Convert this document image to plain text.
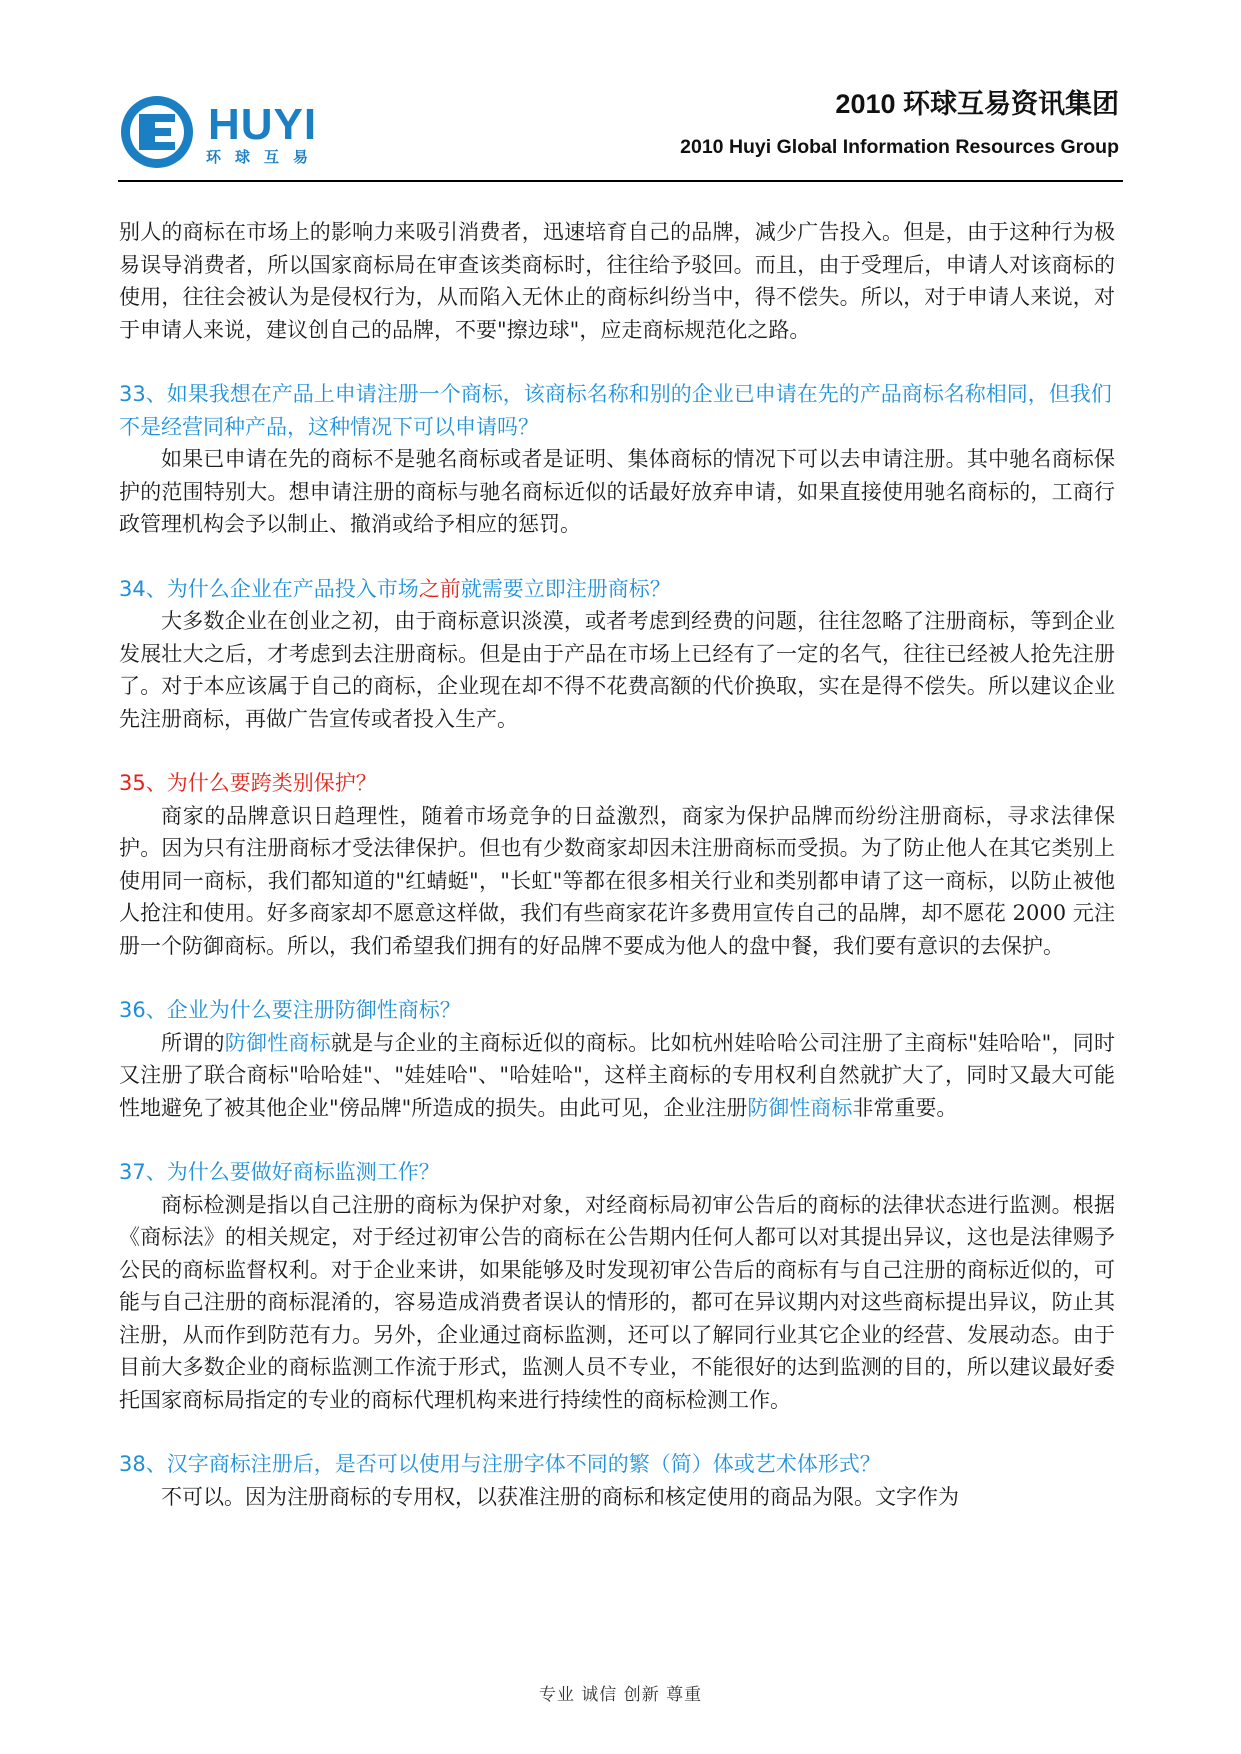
HUYI
环球互易
2010 环球互易资讯集团
2010 Huyi Global Information Resources Group

别人的商标在市场上的影响力来吸引消费者，迅速培育自己的品牌，减少广告投入。但是，由于这种行为极易误导消费者，所以国家商标局在审查该类商标时，往往给予驳回。而且，由于受理后，申请人对该商标的使用，往往会被认为是侵权行为，从而陷入无休止的商标纠纷当中，得不偿失。所以，对于申请人来说，对于申请人来说，建议创自己的品牌，不要"擦边球"，应走商标规范化之路。

33、如果我想在产品上申请注册一个商标，该商标名称和别的企业已申请在先的产品商标名称相同，但我们不是经营同种产品，这种情况下可以申请吗？

如果已申请在先的商标不是驰名商标或者是证明、集体商标的情况下可以去申请注册。其中驰名商标保护的范围特别大。想申请注册的商标与驰名商标近似的话最好放弃申请，如果直接使用驰名商标的，工商行政管理机构会予以制止、撤消或给予相应的惩罚。

34、为什么企业在产品投入市场之前就需要立即注册商标？

大多数企业在创业之初，由于商标意识淡漠，或者考虑到经费的问题，往往忽略了注册商标，等到企业发展壮大之后，才考虑到去注册商标。但是由于产品在市场上已经有了一定的名气，往往已经被人抢先注册了。对于本应该属于自己的商标，企业现在却不得不花费高额的代价换取，实在是得不偿失。所以建议企业先注册商标，再做广告宣传或者投入生产。

35、为什么要跨类别保护？

商家的品牌意识日趋理性，随着市场竞争的日益激烈，商家为保护品牌而纷纷注册商标，寻求法律保护。因为只有注册商标才受法律保护。但也有少数商家却因未注册商标而受损。为了防止他人在其它类别上使用同一商标，我们都知道的"红蜻蜓"，"长虹"等都在很多相关行业和类别都申请了这一商标，以防止被他人抢注和使用。好多商家却不愿意这样做，我们有些商家花许多费用宣传自己的品牌，却不愿花 2000 元注册一个防御商标。所以，我们希望我们拥有的好品牌不要成为他人的盘中餐，我们要有意识的去保护。

36、企业为什么要注册防御性商标？

所谓的防御性商标就是与企业的主商标近似的商标。比如杭州娃哈哈公司注册了主商标"娃哈哈"，同时又注册了联合商标"哈哈娃"、"娃娃哈"、"哈娃哈"，这样主商标的专用权利自然就扩大了，同时又最大可能性地避免了被其他企业"傍品牌"所造成的损失。由此可见，企业注册防御性商标非常重要。

37、为什么要做好商标监测工作？

商标检测是指以自己注册的商标为保护对象，对经商标局初审公告后的商标的法律状态进行监测。根据《商标法》的相关规定，对于经过初审公告的商标在公告期内任何人都可以对其提出异议，这也是法律赐予公民的商标监督权利。对于企业来讲，如果能够及时发现初审公告后的商标有与自己注册的商标近似的，可能与自己注册的商标混淆的，容易造成消费者误认的情形的，都可在异议期内对这些商标提出异议，防止其注册，从而作到防范有力。另外，企业通过商标监测，还可以了解同行业其它企业的经营、发展动态。由于目前大多数企业的商标监测工作流于形式，监测人员不专业，不能很好的达到监测的目的，所以建议最好委托国家商标局指定的专业的商标代理机构来进行持续性的商标检测工作。

38、汉字商标注册后，是否可以使用与注册字体不同的繁（简）体或艺术体形式？

不可以。因为注册商标的专用权，以获准注册的商标和核定使用的商品为限。文字作为

专业 诚信 创新 尊重
